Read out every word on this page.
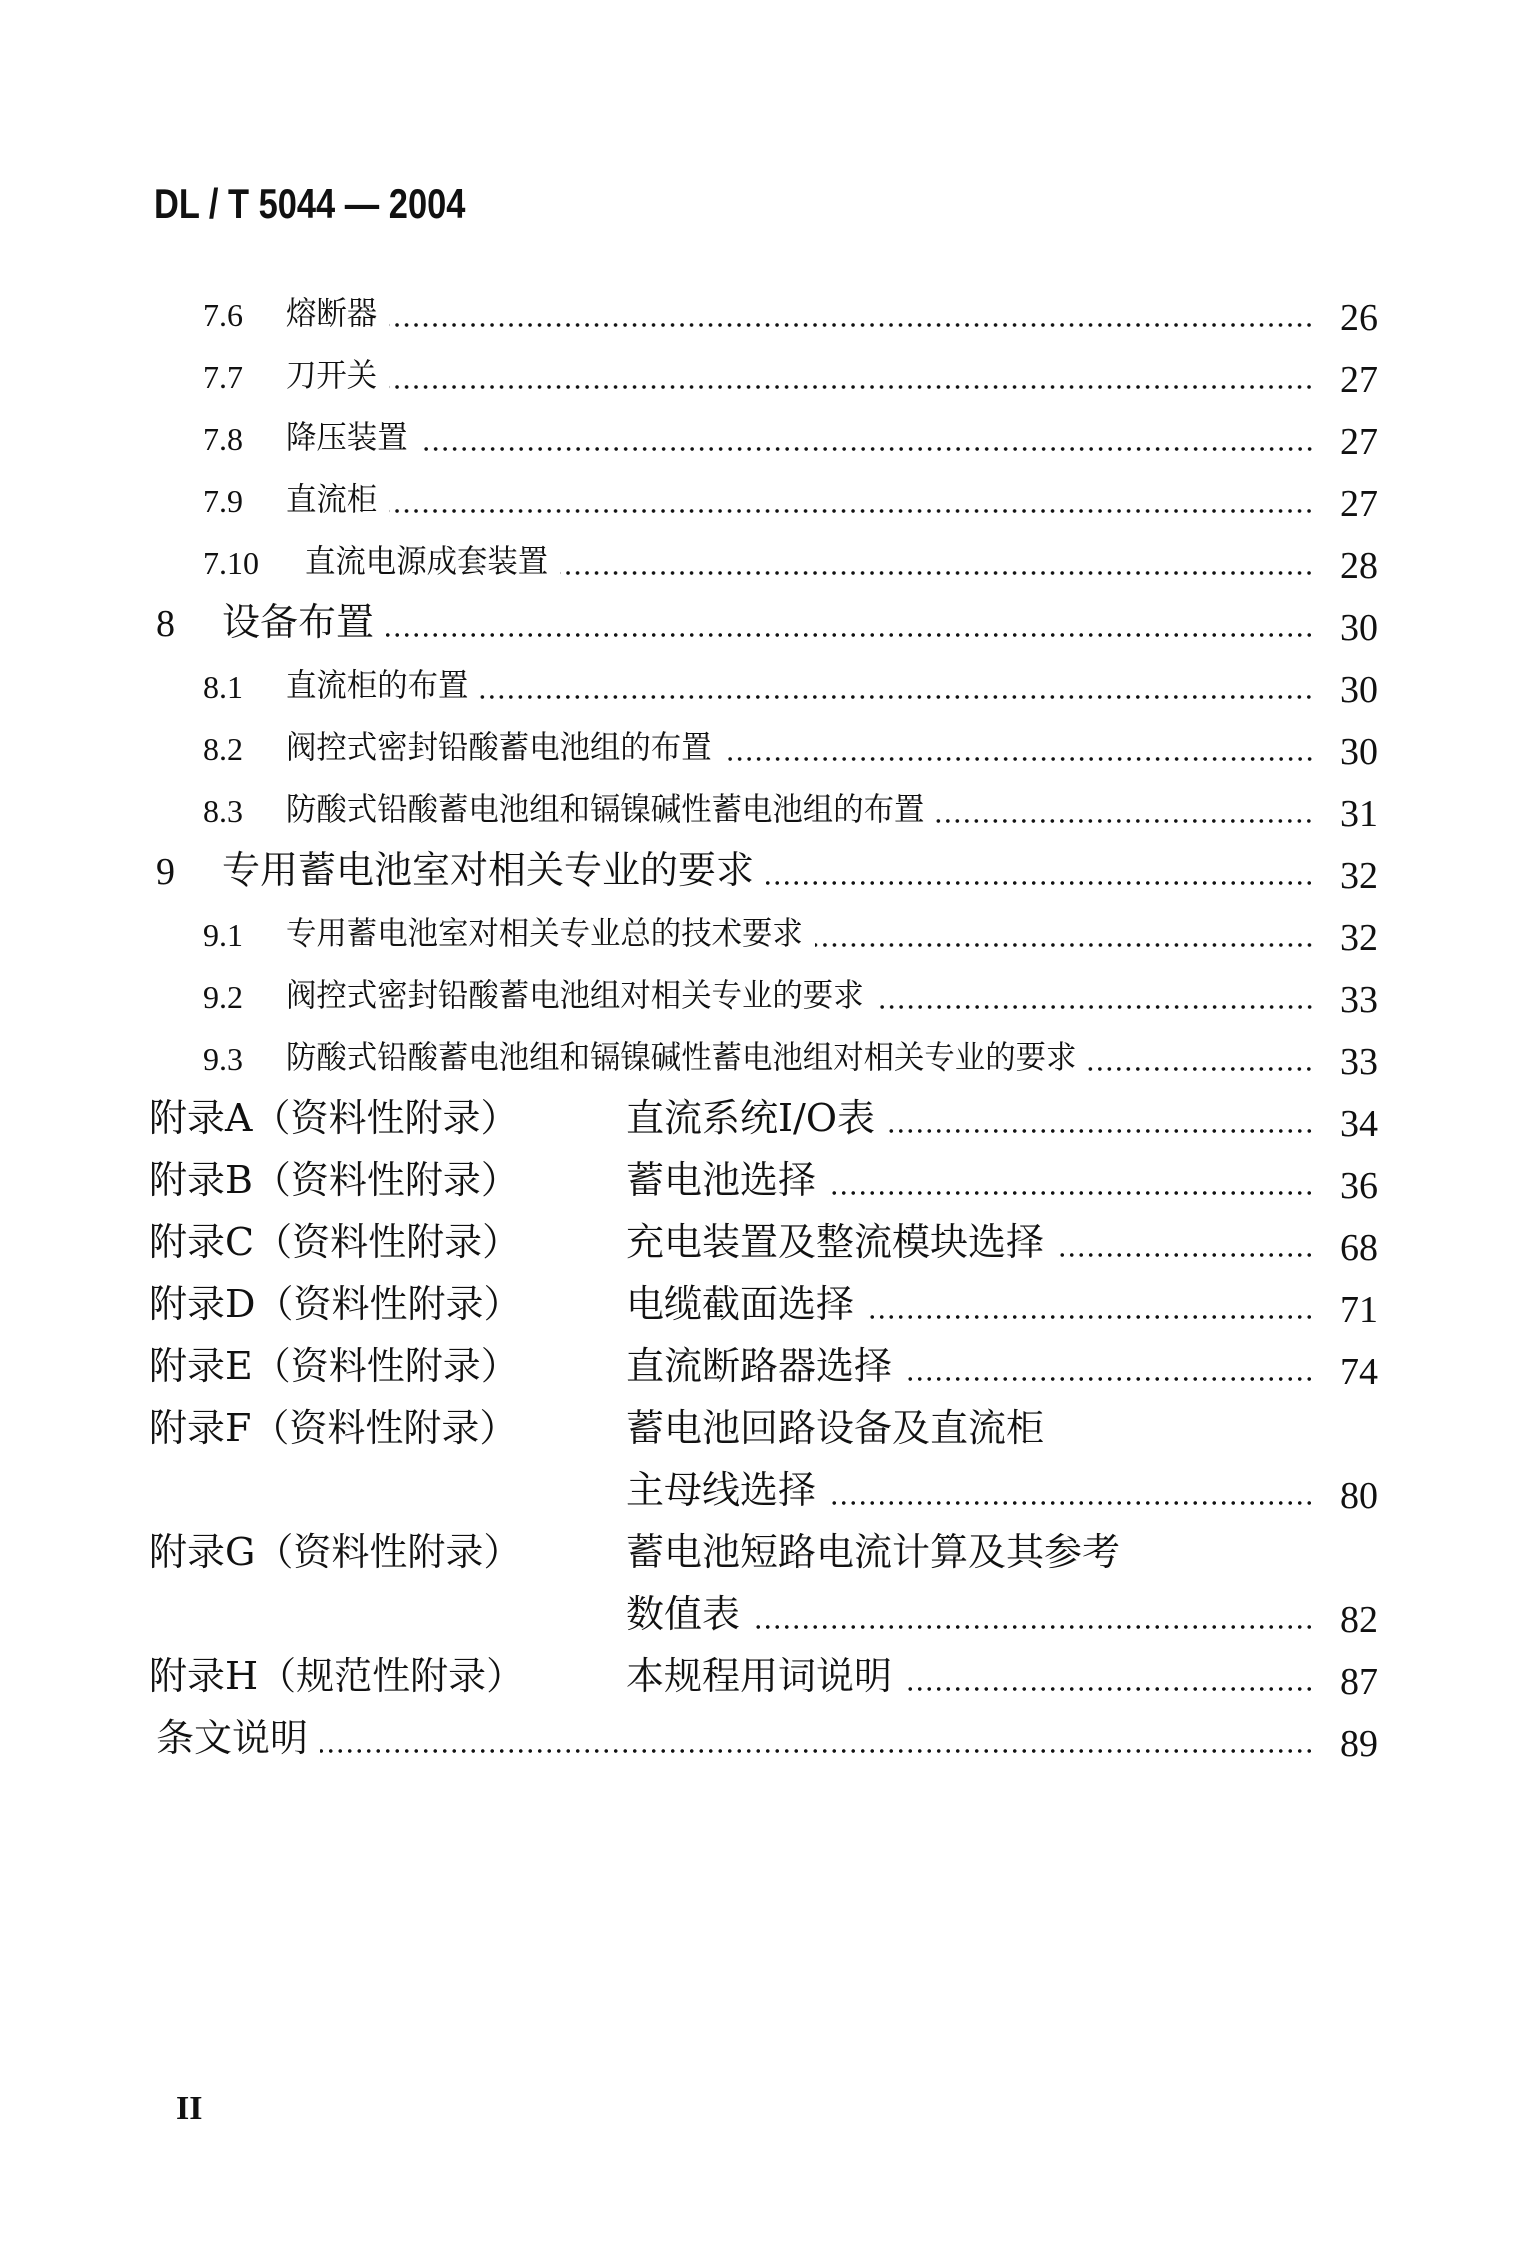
DL / T 5044 — 2004
7.6 熔断器	26
7.7 刀开关	27
7.8 降压装置	27
7.9 直流柜	27
7.10 直流电源成套装置	28
8 设备布置	30
8.1 直流柜的布置	30
8.2 阀控式密封铅酸蓄电池组的布置	30
8.3 防酸式铅酸蓄电池组和镉镍碱性蓄电池组的布置	31
9 专用蓄电池室对相关专业的要求	32
9.1 专用蓄电池室对相关专业总的技术要求	32
9.2 阀控式密封铅酸蓄电池组对相关专业的要求	33
9.3 防酸式铅酸蓄电池组和镉镍碱性蓄电池组对相关专业的要求	33
附录A（资料性附录）	直流系统I/O表	34
附录B（资料性附录）	蓄电池选择	36
附录C（资料性附录）	充电装置及整流模块选择	68
附录D（资料性附录）	电缆截面选择	71
附录E（资料性附录）	直流断路器选择	74
附录F（资料性附录）	蓄电池回路设备及直流柜
主母线选择	80
附录G（资料性附录）	蓄电池短路电流计算及其参考
数值表	82
附录H（规范性附录）	本规程用词说明	87
条文说明	89
II
